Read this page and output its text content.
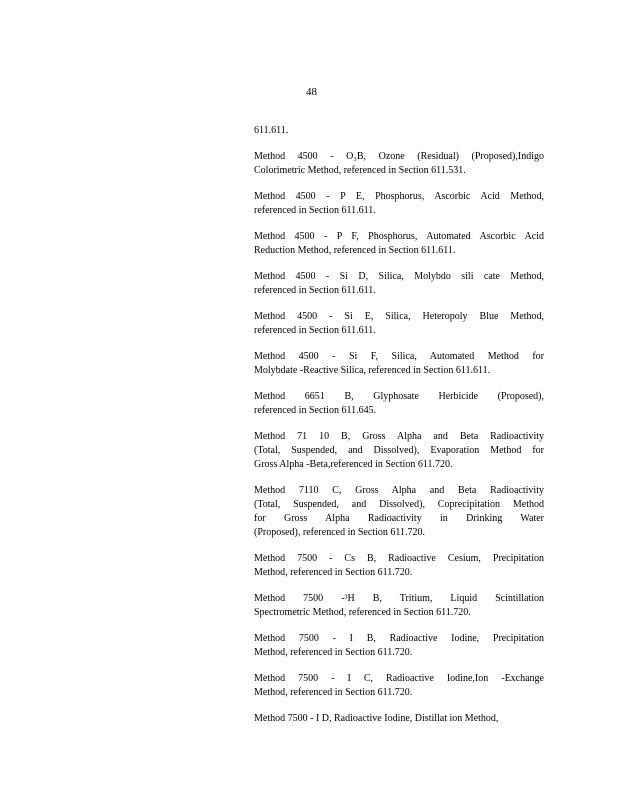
48
611.611.
Method 4500 - O₃B, Ozone (Residual) (Proposed),Indigo
Colorimetric Method, referenced in Section 611.531.
Method 4500 - P E, Phosphorus, Ascorbic Acid Method,
referenced in Section 611.611.
Method 4500 - P F, Phosphorus, Automated Ascorbic Acid
Reduction Method, referenced in Section 611.611.
Method 4500 - Si D, Silica, Molybdo sili cate Method,
referenced in Section 611.611.
Method 4500 - Si E, Silica, Heteropoly Blue Method,
referenced in Section 611.611.
Method 4500 - Si F, Silica, Automated Method for
Molybdate -Reactive Silica, referenced in Section 611.611.
Method 6651 B, Glyphosate Herbicide (Proposed),
referenced in Section 611.645.
Method 71 10 B, Gross Alpha and Beta Radioactivity
(Total, Suspended, and Dissolved), Evaporation Method for
Gross Alpha -Beta,referenced in Section 611.720.
Method 7110 C, Gross Alpha and Beta Radioactivity
(Total, Suspended, and Dissolved), Coprecipitation Method
for Gross Alpha Radioactivity in Drinking Water
(Proposed), referenced in Section 611.720.
Method 7500 - Cs B, Radioactive Cesium, Precipitation
Method, referenced in Section 611.720.
Method 7500 -³H B, Tritium, Liquid Scintillation
Spectrometric Method, referenced in Section 611.720.
Method 7500 - I B, Radioactive Iodine, Precipitation
Method, referenced in Section 611.720.
Method 7500 - I C, Radioactive Iodine,Ion -Exchange
Method, referenced in Section 611.720.
Method 7500 - I D, Radioactive Iodine, Distillat ion Method,
